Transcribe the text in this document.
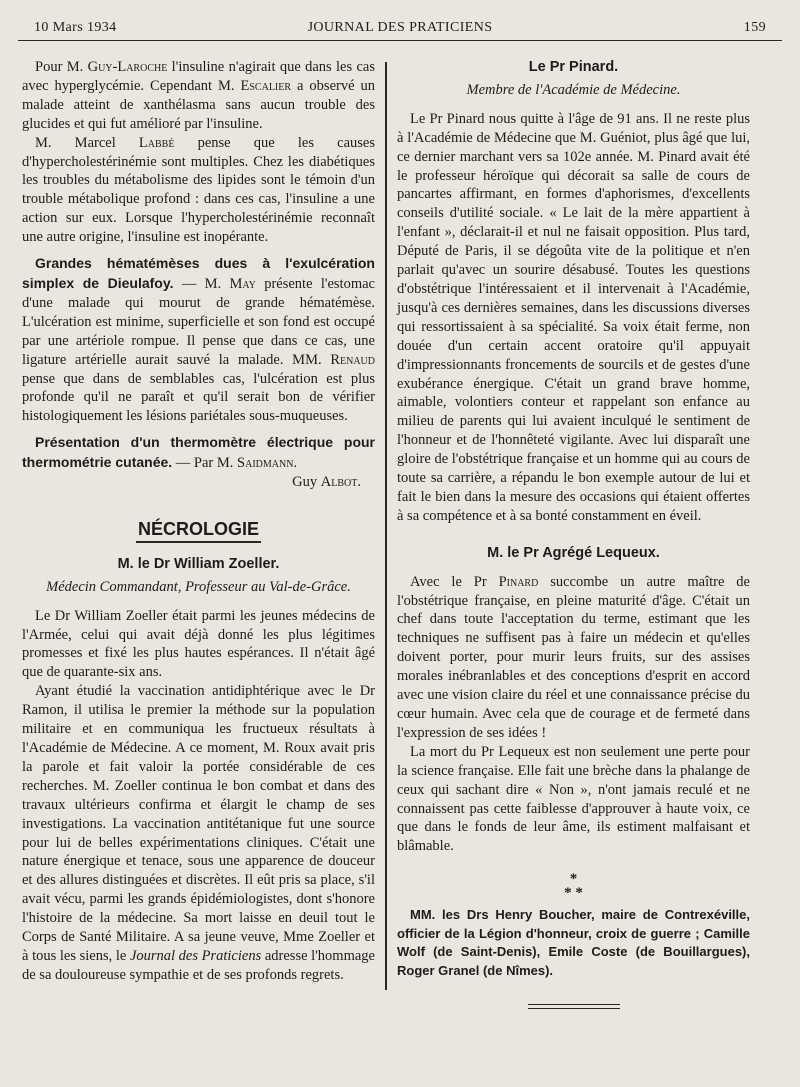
10 Mars 1934	JOURNAL DES PRATICIENS	159

Pour M. Guy-Laroche l'insuline n'agirait que dans les cas avec hyperglycémie. Cependant M. Escalier a observé un malade atteint de xanthélasma sans aucun trouble des glucides et qui fut amélioré par l'insuline.

M. Marcel Labbé pense que les causes d'hypercholestérinémie sont multiples. Chez les diabétiques les troubles du métabolisme des lipides sont le témoin d'un trouble métabolique profond : dans ces cas, l'insuline a une action sur eux. Lorsque l'hypercholestérinémie reconnaît une autre origine, l'insuline est inopérante.

Grandes hématémèses dues à l'exulcération simplex de Dieulafoy. — M. May présente l'estomac d'une malade qui mourut de grande hématémèse. L'ulcération est minime, superficielle et son fond est occupé par une artériole rompue. Il pense que dans ce cas, une ligature artérielle aurait sauvé la malade. MM. Renaud pense que dans de semblables cas, l'ulcération est plus profonde qu'il ne paraît et qu'il serait bon de vérifier histologiquement les lésions pariétales sous-muqueuses.

Présentation d'un thermomètre électrique pour thermométrie cutanée. — Par M. Saidmann.

Guy Albot.

NÉCROLOGIE

M. le Dr William Zoeller.

Médecin Commandant, Professeur au Val-de-Grâce.

Le Dr William Zoeller était parmi les jeunes médecins de l'Armée, celui qui avait déjà donné les plus légitimes promesses et fixé les plus hautes espérances. Il n'était âgé que de quarante-six ans.

Ayant étudié la vaccination antidiphtérique avec le Dr Ramon, il utilisa le premier la méthode sur la population militaire et en communiqua les fructueux résultats à l'Académie de Médecine. A ce moment, M. Roux avait pris la parole et fait valoir la portée considérable de ces recherches. M. Zoeller continua le bon combat et dans des travaux ultérieurs confirma et élargit le champ de ses investigations. La vaccination antitétanique fut une source pour lui de belles expérimentations cliniques. C'était une nature énergique et tenace, sous une apparence de douceur et des allures distinguées et discrètes. Il eût pris sa place, s'il avait vécu, parmi les grands épidémiologistes, dont s'honore l'histoire de la médecine. Sa mort laisse en deuil tout le Corps de Santé Militaire. A sa jeune veuve, Mme Zoeller et à tous les siens, le Journal des Praticiens adresse l'hommage de sa douloureuse sympathie et de ses profonds regrets.

Le Pr Pinard.

Membre de l'Académie de Médecine.

Le Pr Pinard nous quitte à l'âge de 91 ans. Il ne reste plus à l'Académie de Médecine que M. Guéniot, plus âgé que lui, ce dernier marchant vers sa 102e année. M. Pinard avait été le professeur héroïque qui décorait sa salle de cours de pancartes affirmant, en formes d'aphorismes, d'excellents conseils d'utilité sociale. « Le lait de la mère appartient à l'enfant », déclarait-il et nul ne faisait opposition. Plus tard, Député de Paris, il se dégoûta vite de la politique et n'en parlait qu'avec un sourire désabusé. Toutes les questions d'obstétrique l'intéressaient et il intervenait à l'Académie, jusqu'à ces dernières semaines, dans les discussions diverses qui ressortissaient à sa spécialité. Sa voix était ferme, non douée d'un certain accent oratoire qu'il appuyait d'impressionnants froncements de sourcils et de gestes d'une exubérance énergique. C'était un grand brave homme, aimable, volontiers conteur et rappelant son enfance au milieu de parents qui lui avaient inculqué le sentiment de l'honneur et de l'honnêteté vigilante. Avec lui disparaît une gloire de l'obstétrique française et un homme qui au cours de toute sa carrière, a répandu le bon exemple autour de lui et fait le bien dans la mesure des occasions qui étaient offertes à sa compétence et à sa bonté constamment en éveil.

M. le Pr Agrégé Lequeux.

Avec le Pr Pinard succombe un autre maître de l'obstétrique française, en pleine maturité d'âge. C'était un chef dans toute l'acceptation du terme, estimant que les techniques ne suffisent pas à faire un médecin et qu'elles doivent porter, pour murir leurs fruits, sur des assises morales inébranlables et des conceptions d'esprit en accord avec une vision claire du réel et une connaissance précise du cœur humain. Avec cela que de courage et de fermeté dans l'expression de ses idées !

La mort du Pr Lequeux est non seulement une perte pour la science française. Elle fait une brèche dans la phalange de ceux qui sachant dire « Non », n'ont jamais reculé et ne connaissent pas cette faiblesse d'approuver à haute voix, ce que dans le fonds de leur âme, ils estiment malfaisant et blâmable.

*
* *

MM. les Drs Henry Boucher, maire de Contrexéville, officier de la Légion d'honneur, croix de guerre ; Camille Wolf (de Saint-Denis), Emile Coste (de Bouillargues), Roger Granel (de Nîmes).
